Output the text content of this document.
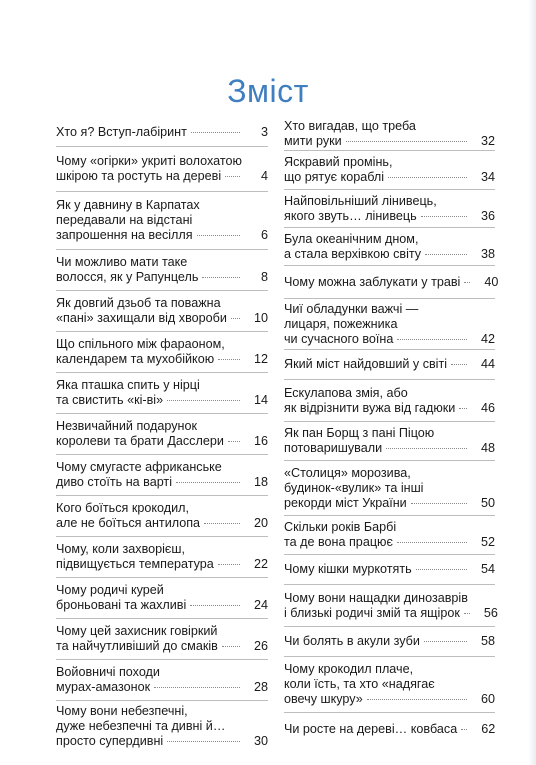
Зміст
Хто я? Вступ-лабіринт	3
Чому «огірки» укриті волохатою
шкірою та ростуть на дереві	4
Як у давнину в Карпатах
передавали на відстані
запрошення на весілля	6
Чи можливо мати таке
волосся, як у Рапунцель	8
Як довгий дзьоб та поважна
«пані» захищали від хвороби	10
Що спільного між фараоном,
календарем та мухобійкою	12
Яка пташка спить у нірці
та свистить «кі-ві»	14
Незвичайний подарунок
королеви та брати Дасслери	16
Чому смугасте африканське
диво стоїть на варті	18
Кого боїться крокодил,
але не боїться антилопа	20
Чому, коли захворієш,
підвищується температура	22
Чому родичі курей
броньовані та жахливі	24
Чому цей захисник говіркий
та найчутливіший до смаків	26
Войовничі походи
мурах-амазонок	28
Чому вони небезпечні,
дуже небезпечні та дивні й…
просто супердивні	30
Хто вигадав, що треба
мити руки	32
Яскравий промінь,
що рятує кораблі	34
Найповільніший лінивець,
якого звуть… лінивець	36
Була океанічним дном,
а стала верхівкою світу	38
Чому можна заблукати у траві	40
Чиї обладунки важчі —
лицаря, пожежника
чи сучасного воїна	42
Який міст найдовший у світі	44
Ескулапова змія, або
як відрізнити вужа від гадюки	46
Як пан Борщ з пані Піцою
потоваришували	48
«Столиця» морозива,
будинок-«вулик» та інші
рекорди міст України	50
Скільки років Барбі
та де вона працює	52
Чому кішки муркотять	54
Чому вони нащадки динозаврів
і близькі родичі змій та ящірок	56
Чи болять в акули зуби	58
Чому крокодил плаче,
коли їсть, та хто «надягає
овечу шкуру»	60
Чи росте на дереві… ковбаса	62
